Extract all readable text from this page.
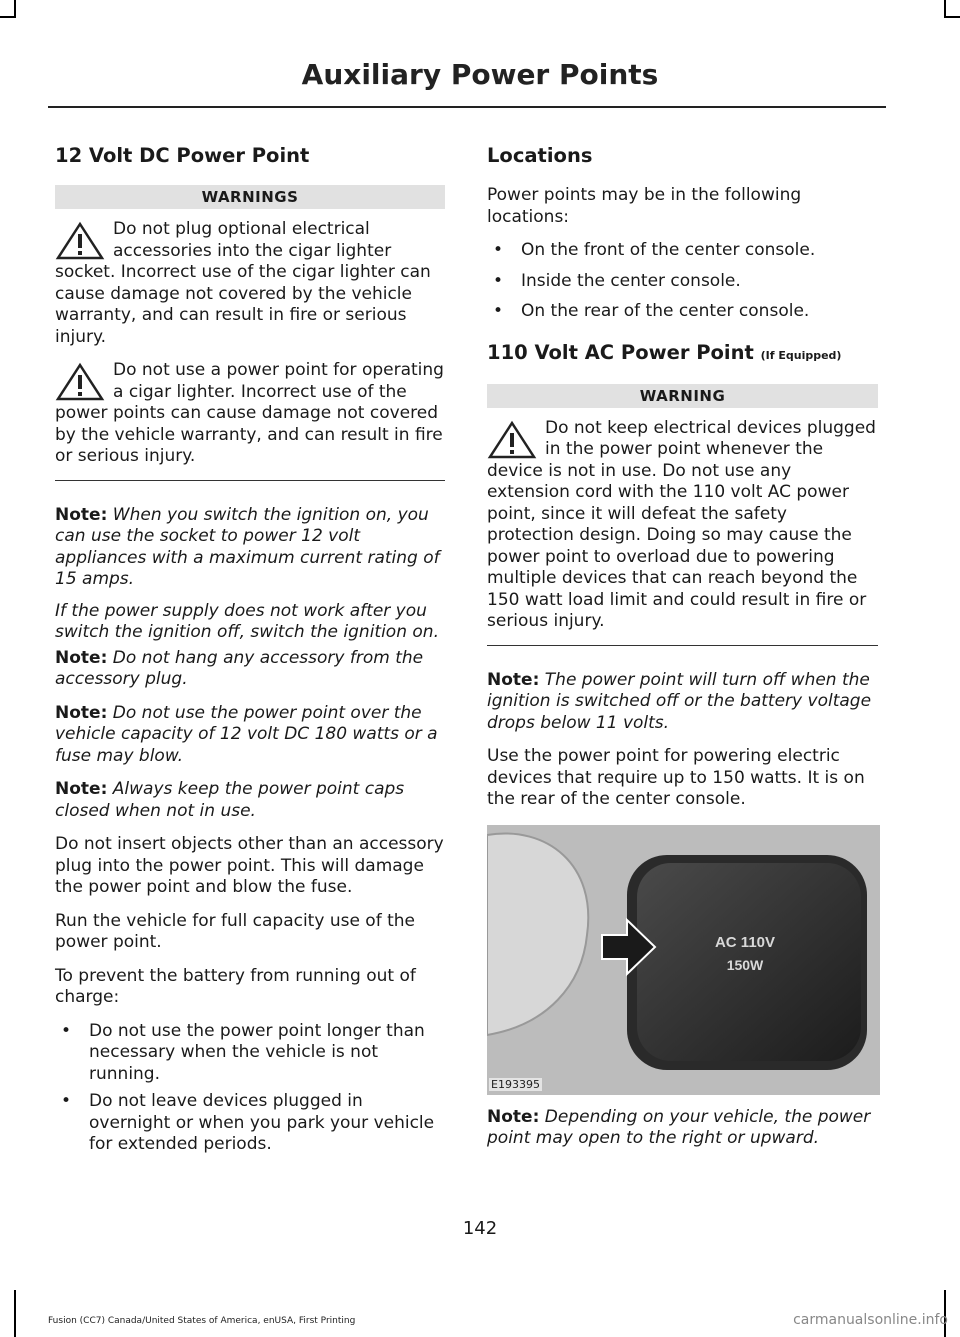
Auxiliary Power Points
12 Volt DC Power Point
WARNINGS
Do not plug optional electrical accessories into the cigar lighter socket. Incorrect use of the cigar lighter can cause damage not covered by the vehicle warranty, and can result in fire or serious injury.
Do not use a power point for operating a cigar lighter. Incorrect use of the power points can cause damage not covered by the vehicle warranty, and can result in fire or serious injury.

Note: When you switch the ignition on, you can use the socket to power 12 volt appliances with a maximum current rating of 15 amps.

If the power supply does not work after you switch the ignition off, switch the ignition on.

Note: Do not hang any accessory from the accessory plug.

Note: Do not use the power point over the vehicle capacity of 12 volt DC 180 watts or a fuse may blow.

Note: Always keep the power point caps closed when not in use.

Do not insert objects other than an accessory plug into the power point. This will damage the power point and blow the fuse.

Run the vehicle for full capacity use of the power point.

To prevent the battery from running out of charge:

• Do not use the power point longer than necessary when the vehicle is not running.
• Do not leave devices plugged in overnight or when you park your vehicle for extended periods.
Locations

Power points may be in the following locations:

• On the front of the center console.
• Inside the center console.
• On the rear of the center console.
110 Volt AC Power Point (If Equipped)
WARNING
Do not keep electrical devices plugged in the power point whenever the device is not in use. Do not use any extension cord with the 110 volt AC power point, since it will defeat the safety protection design. Doing so may cause the power point to overload due to powering multiple devices that can reach beyond the 150 watt load limit and could result in fire or serious injury.

Note: The power point will turn off when the ignition is switched off or the battery voltage drops below 11 volts.

Use the power point for powering electric devices that require up to 150 watts. It is on the rear of the center console.

AC 110V
150W
E193395

Note: Depending on your vehicle, the power point may open to the right or upward.

142
Fusion (CC7) Canada/United States of America, enUSA, First Printing	carmanualsonline.info
